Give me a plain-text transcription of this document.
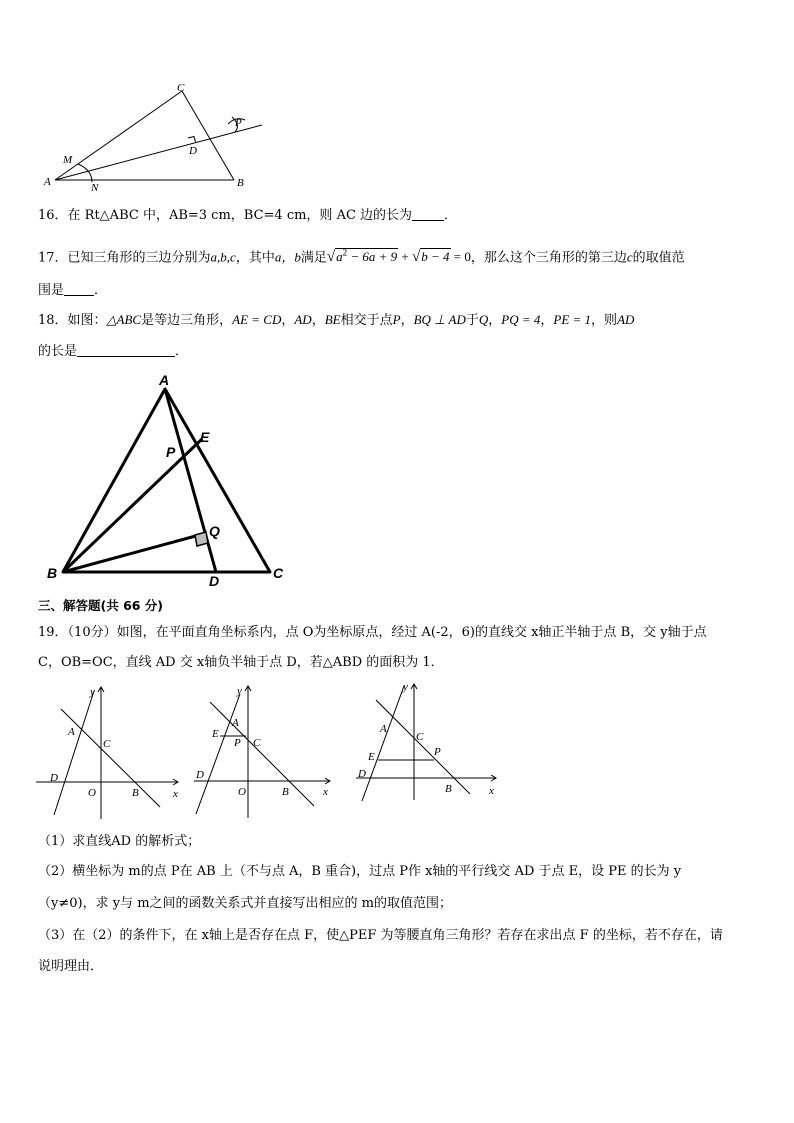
C
P
M
D
A	N	B
16．在 Rt△ABC 中，AB=3 cm，BC=4 cm，则 AC 边的长为 ．
17．已知三角形的三边分别为a,b,c，其中a，b满足$√a^2 - 6a + 9 + √b - 4 = 0$，那么这个三角形的第三边c的取值范
围是 ．
18．如图：△ABC是等边三角形，AE = CD，AD，BE相交于点P，BQ ⊥ AD于Q，PQ = 4，PE = 1，则AD
的长是	．
A
E
P
Q
B	D	C
三、解答题(共 66 分)
19．（10分）如图，在平面直角坐标系内，点 O为坐标原点，经过 A(-2，6)的直线交 x轴正半轴于点 B，交 y轴于点
C，OB=OC，直线 AD 交 x轴负半轴于点 D，若△ABD 的面积为 1．
y
A
C
D
O	B	x
y
A
E
P C
D
O	B	x
y
A
C
E	P
D
B	x
（1）求直线AD 的解析式；
（2）横坐标为 m的点 P在 AB 上（不与点 A，B 重合)，过点 P作 x轴的平行线交 AD 于点 E，设 PE 的长为 y
（y≠0)，求 y与 m之间的函数关系式并直接写出相应的 m的取值范围；
（3）在（2）的条件下，在 x轴上是否存在点 F，使△PEF 为等腰直角三角形？若存在求出点 F 的坐标，若不存在，请
说明理由．
